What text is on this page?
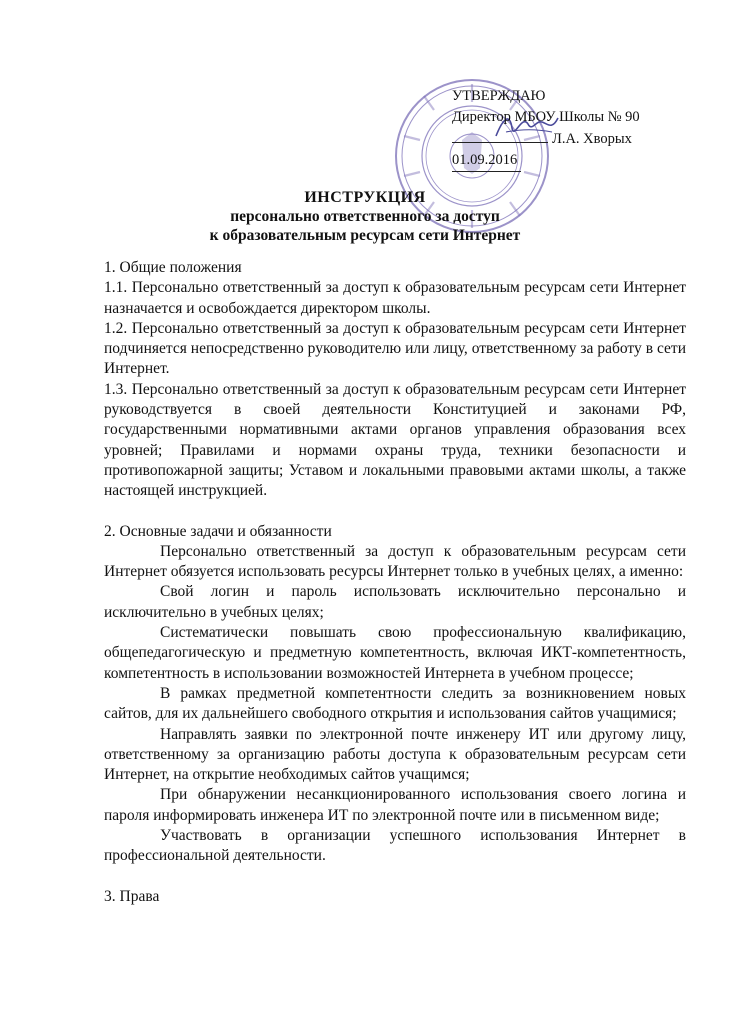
УТВЕРЖДАЮ
Директор МБОУ Школы № 90
Л.А. Хворых
01.09.2016
ИНСТРУКЦИЯ
персонально ответственного за доступ
к образовательным ресурсам сети Интернет

1. Общие положения

1.1. Персонально ответственный за доступ к образовательным ресурсам сети Интернет назначается и освобождается директором школы.

1.2. Персонально ответственный за доступ к образовательным ресурсам сети Интернет подчиняется непосредственно руководителю или лицу, ответственному за работу в сети Интернет.

1.3. Персонально ответственный за доступ к образовательным ресурсам сети Интернет руководствуется в своей деятельности Конституцией и законами РФ, государственными нормативными актами органов управления образования всех уровней; Правилами и нормами охраны труда, техники безопасности и противопожарной защиты; Уставом и локальными правовыми актами школы, а также настоящей инструкцией.

2. Основные задачи и обязанности

Персонально ответственный за доступ к образовательным ресурсам сети Интернет обязуется использовать ресурсы Интернет только в учебных целях, а именно:

Свой логин и пароль использовать исключительно персонально и исключительно в учебных целях;

Систематически повышать свою профессиональную квалификацию, общепедагогическую и предметную компетентность, включая ИКТ-компетентность, компетентность в использовании возможностей Интернета в учебном процессе;

В рамках предметной компетентности следить за возникновением новых сайтов, для их дальнейшего свободного открытия и использования сайтов учащимися;

Направлять заявки по электронной почте инженеру ИТ или другому лицу, ответственному за организацию работы доступа к образовательным ресурсам сети Интернет, на открытие необходимых сайтов учащимся;

При обнаружении несанкционированного использования своего логина и пароля информировать инженера ИТ по электронной почте или в письменном виде;

Участвовать в организации успешного использования Интернет в профессиональной деятельности.

3. Права
